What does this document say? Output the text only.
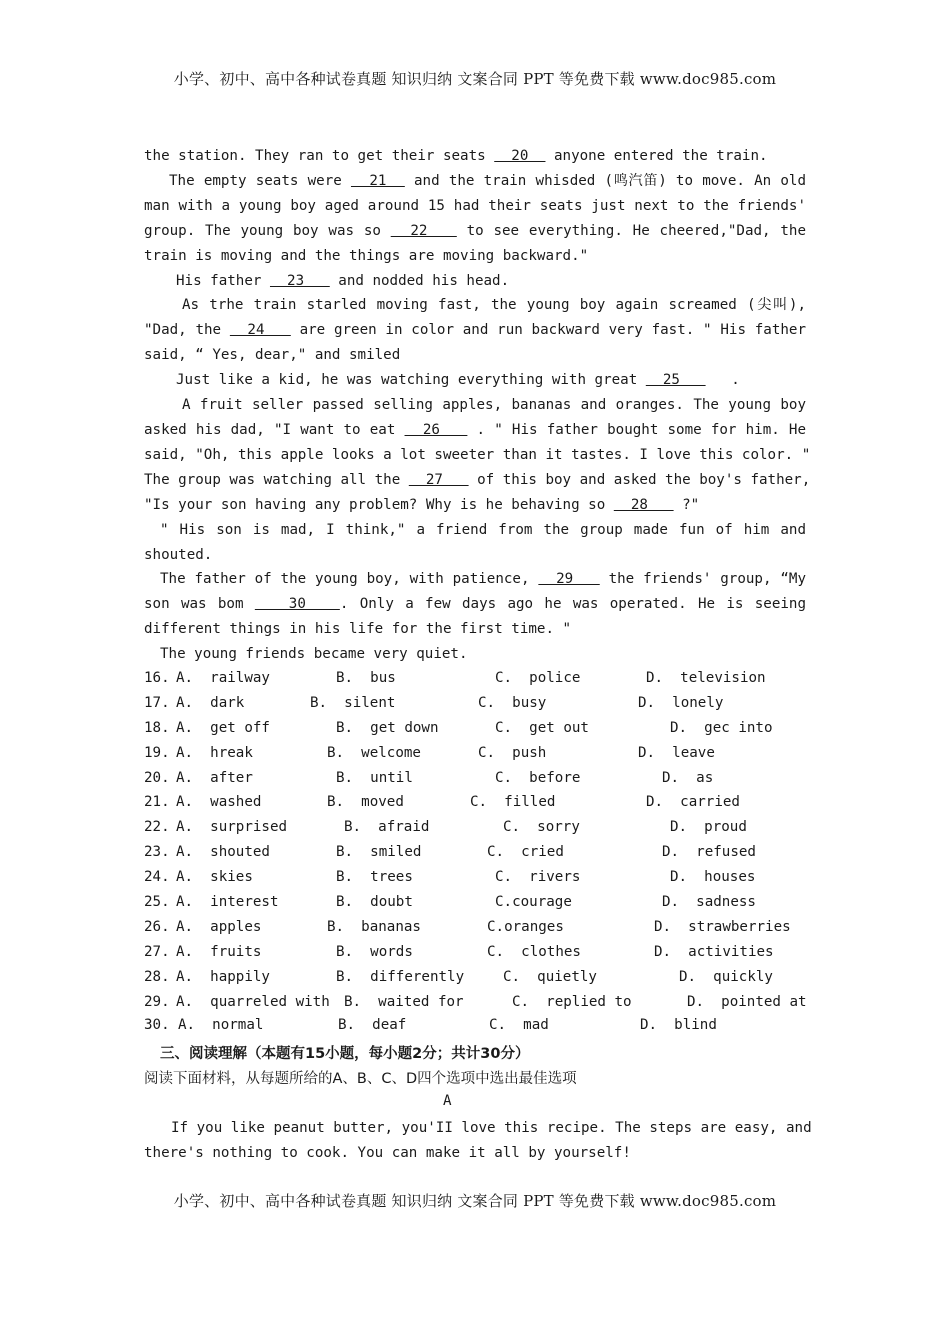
小学、初中、高中各种试卷真题 知识归纳 文案合同 PPT 等免费下载 www.doc985.com
the station. They ran to get their seats   20   anyone entered the train.
The empty seats were   21   and the train whisded (鸣汽笛) to move. An old
man with a young boy aged around 15 had their seats just next to the friends'
group. The young boy was so   22    to see everything. He cheered,"Dad, the
train is moving and the things are moving backward."
His father   23    and nodded his head.
As trhe train starled moving fast, the young boy again screamed (尖叫),
"Dad, the   24    are green in color and run backward very fast. " His father
said, “ Yes, dear," and smiled
Just like a kid, he was watching everything with great   25      .
A fruit seller passed selling apples, bananas and oranges. The young boy
asked his dad, "I want to eat   26    . " His father bought some for him. He
said, "Oh, this apple looks a lot sweeter than it tastes. I love this color. "
The group was watching all the   27    of this boy and asked the boy's father,
"Is your son having any problem? Why is he behaving so   28    ?"
" His son is mad, I think," a friend from the group made fun of him and
shouted.
The father of the young boy, with patience,   29    the friends' group, “My
son was bom    30   . Only a few days ago he was operated. He is seeing
different things in his life for the first time. "
The young friends became very quiet.
16. A.  railway	B.  bus	C.  police	D.  television
17. A.  dark	B.  silent	C.  busy	D.  lonely
18. A.  get off	B.  get down	C.  get out	D.  gec into
19. A.  hreak	B.  welcome	C.  push	D.  leave
20. A.  after	B.  until	C.  before	D.  as
21. A.  washed	B.  moved	C.  filled	D.  carried
22. A.  surprised	B.  afraid	C.  sorry	D.  proud
23. A.  shouted	B.  smiled	C.  cried	D.  refused
24. A.  skies	B.  trees	C.  rivers	D.  houses
25. A.  interest	B.  doubt	C.courage	D.  sadness
26. A.  apples	B.  bananas	C.oranges	D.  strawberries
27. A.  fruits	B.  words	C.  clothes	D.  activities
28. A.  happily	B.  differently	C.  quietly	D.  quickly
29. A.  quarreled with B.  waited for	C.  replied to	D.  pointed at
30. A.  normal	B.  deaf	C.  mad	D.  blind
三、阅读理解（本题有15小题，每小题2分；共计30分）
阅读下面材料，从每题所给的A、B、C、D四个选项中选出最佳选项
A
If you like peanut butter, you'II love this recipe. The steps are easy, and
there's nothing to cook. You can make it all by yourself!
小学、初中、高中各种试卷真题 知识归纳 文案合同 PPT 等免费下载 www.doc985.com
